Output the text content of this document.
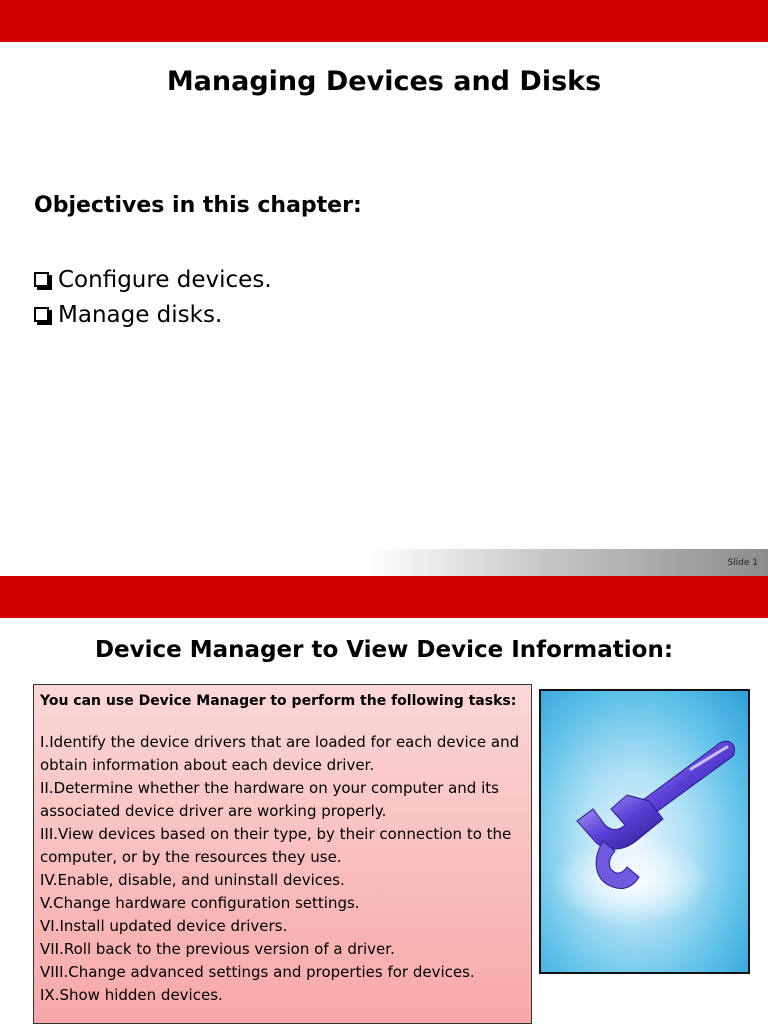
Managing Devices and Disks
Objectives in this chapter:
Configure devices.
Manage disks.
Slide 1
Device Manager to View Device Information:

You can use Device Manager to perform the following tasks:

I.Identify the device drivers that are loaded for each device and obtain information about each device driver.
II.Determine whether the hardware on your computer and its associated device driver are working properly.
III.View devices based on their type, by their connection to the computer, or by the resources they use.
IV.Enable, disable, and uninstall devices.
V.Change hardware configuration settings.
VI.Install updated device drivers.
VII.Roll back to the previous version of a driver.
VIII.Change advanced settings and properties for devices.
IX.Show hidden devices.
